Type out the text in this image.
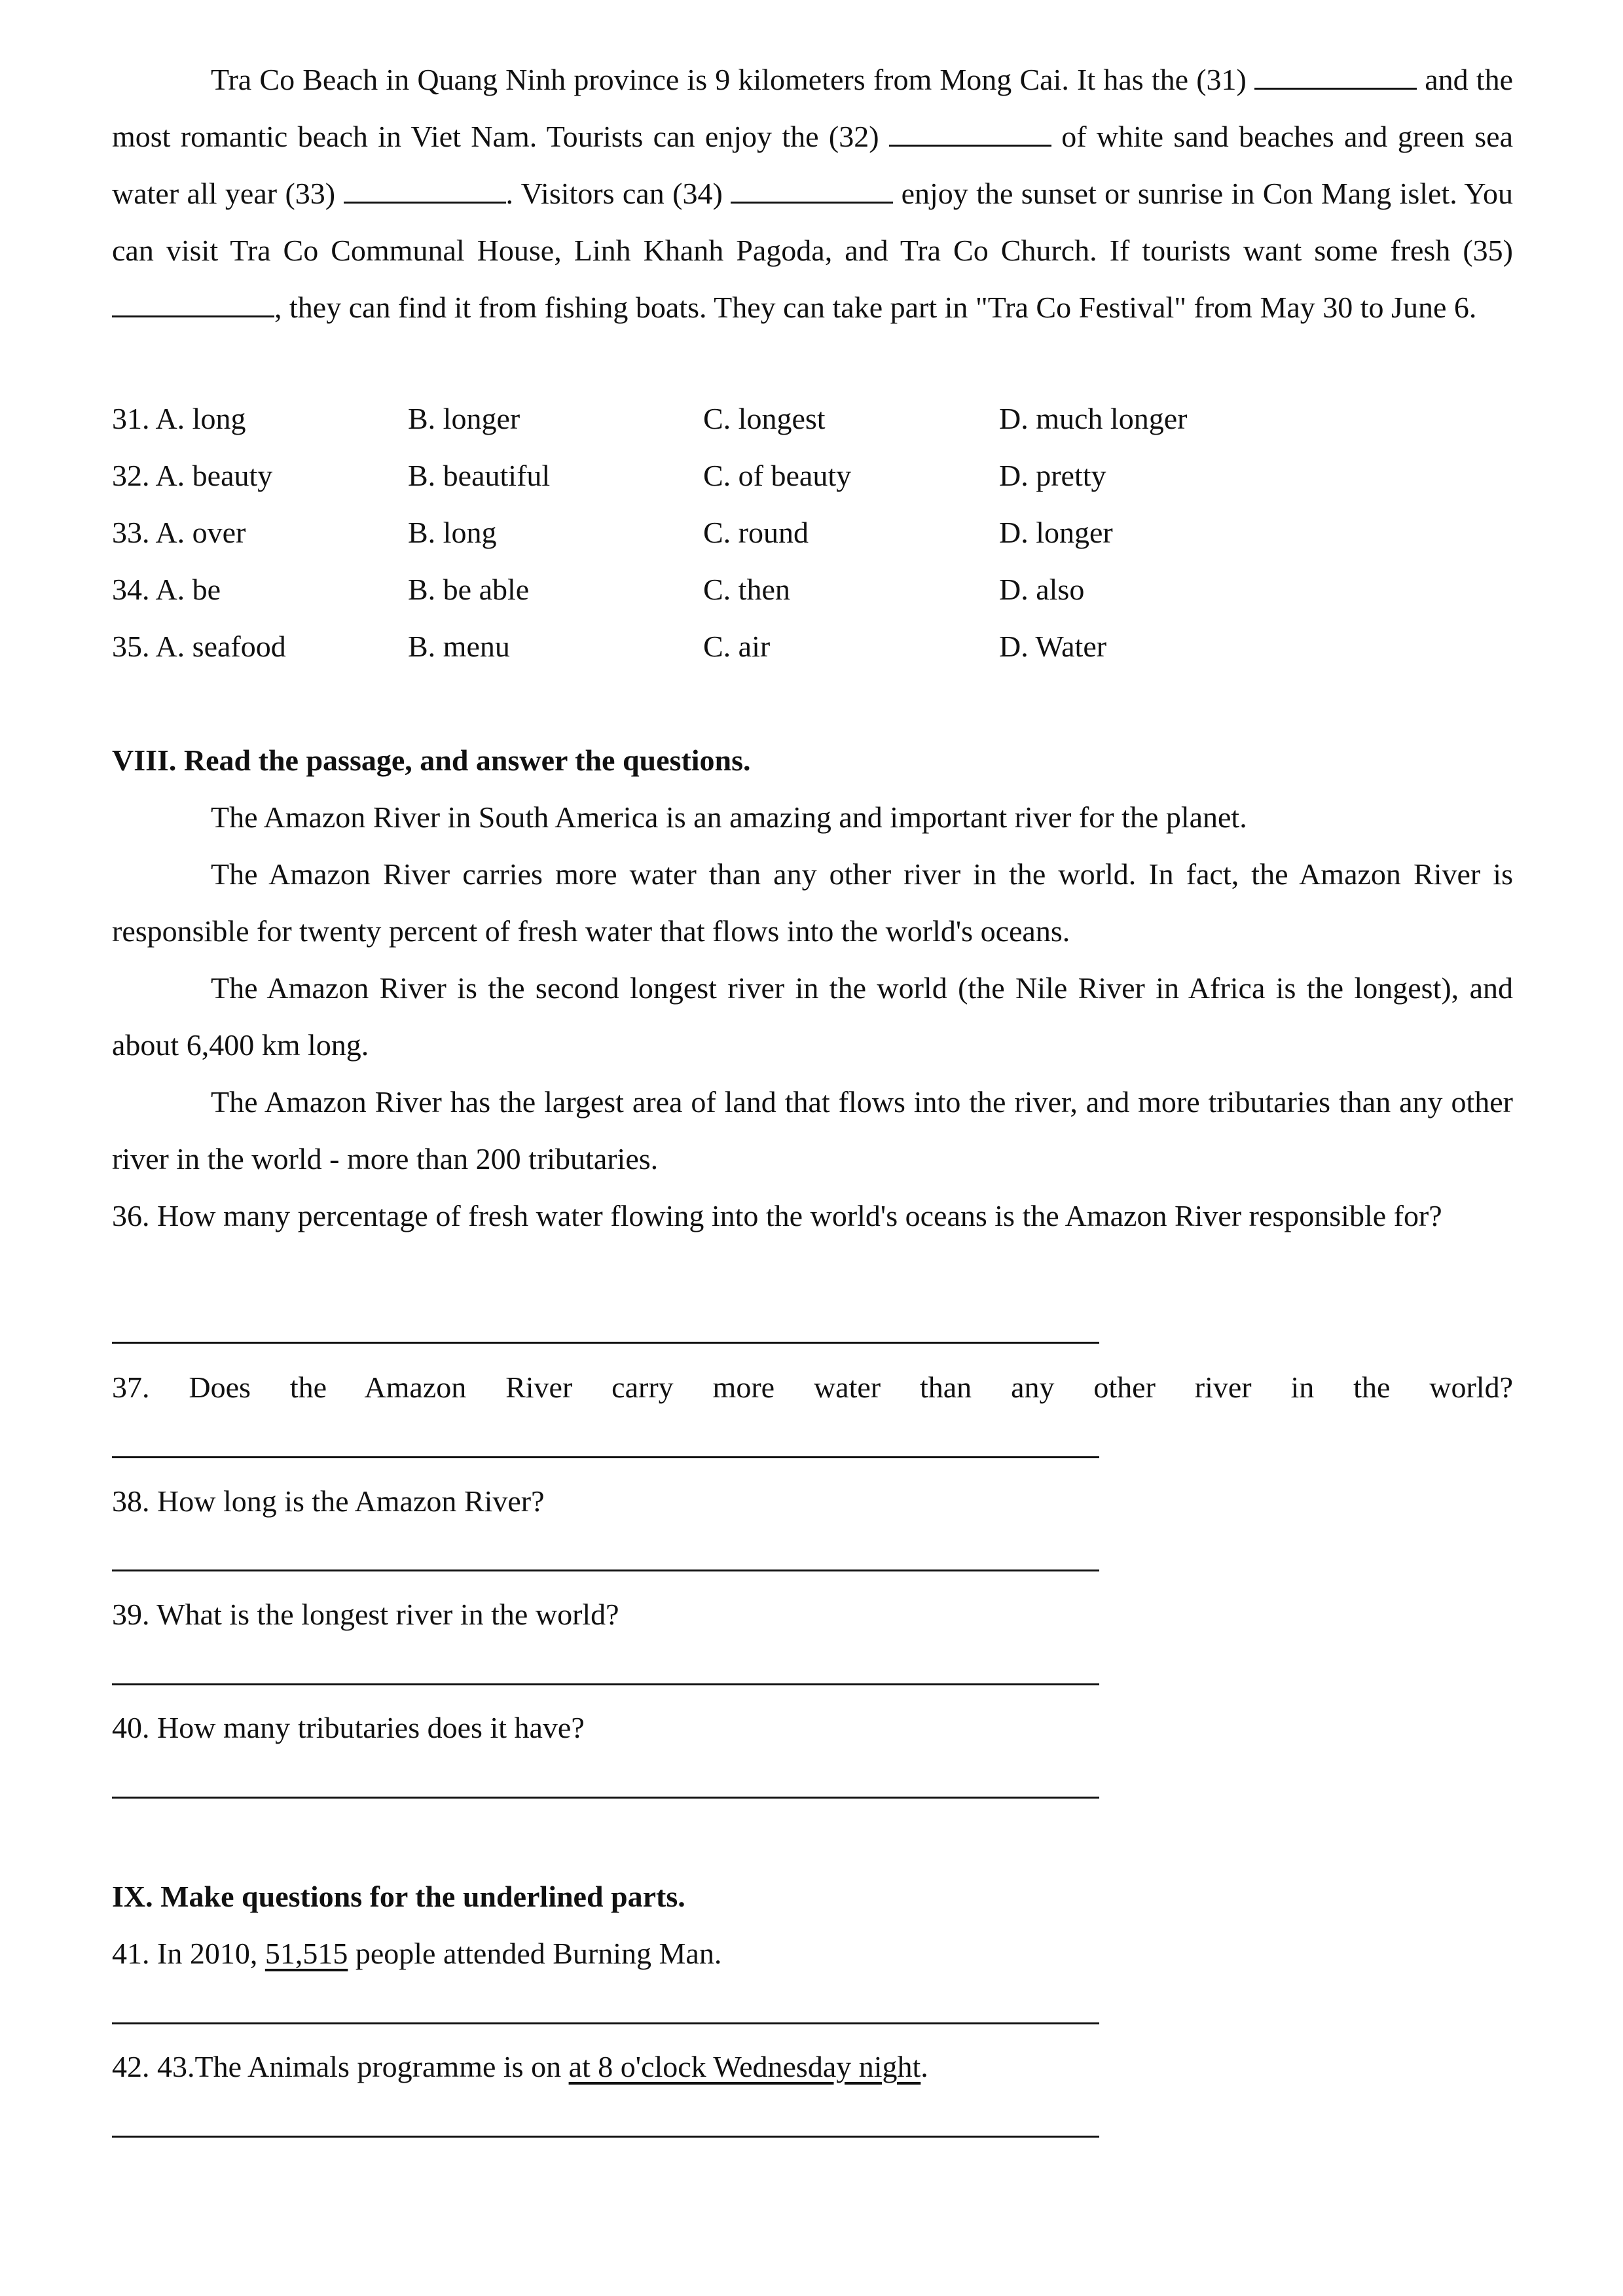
Tra Co Beach in Quang Ninh province is 9 kilometers from Mong Cai. It has the (31)	and the most romantic beach in Viet Nam. Tourists can enjoy the (32)	of white sand beaches and green sea water all year (33)	. Visitors can (34)	enjoy the sunset or sunrise in Con Mang islet. You can visit Tra Co Communal House, Linh Khanh Pagoda, and Tra Co Church. If tourists want some fresh (35) , they can find it from fishing boats. They can take part in "Tra Co Festival" from May 30 to June 6.

31. A. long	B. longer	C. longest	D. much longer
32. A. beauty	B. beautiful	C. of beauty	D. pretty
33. A. over	B. long	C. round	D. longer
34. A. be	B. be able	C. then	D. also
35. A. seafood	B. menu	C. air	D. Water

VIII. Read the passage, and answer the questions.

The Amazon River in South America is an amazing and important river for the planet.

The Amazon River carries more water than any other river in the world. In fact, the Amazon River is responsible for twenty percent of fresh water that flows into the world's oceans.

The Amazon River is the second longest river in the world (the Nile River in Africa is the longest), and about 6,400 km long.

The Amazon River has the largest area of land that flows into the river, and more tributaries than any other river in the world - more than 200 tributaries.

36. How many percentage of fresh water flowing into the world's oceans is the Amazon River responsible for?

37. Does the Amazon River carry more water than any other river in the world?

38. How long is the Amazon River?

39. What is the longest river in the world?

40. How many tributaries does it have?

IX. Make questions for the underlined parts.

41. In 2010, 51,515 people attended Burning Man.

42. 43.The Animals programme is on at 8 o'clock Wednesday night.
